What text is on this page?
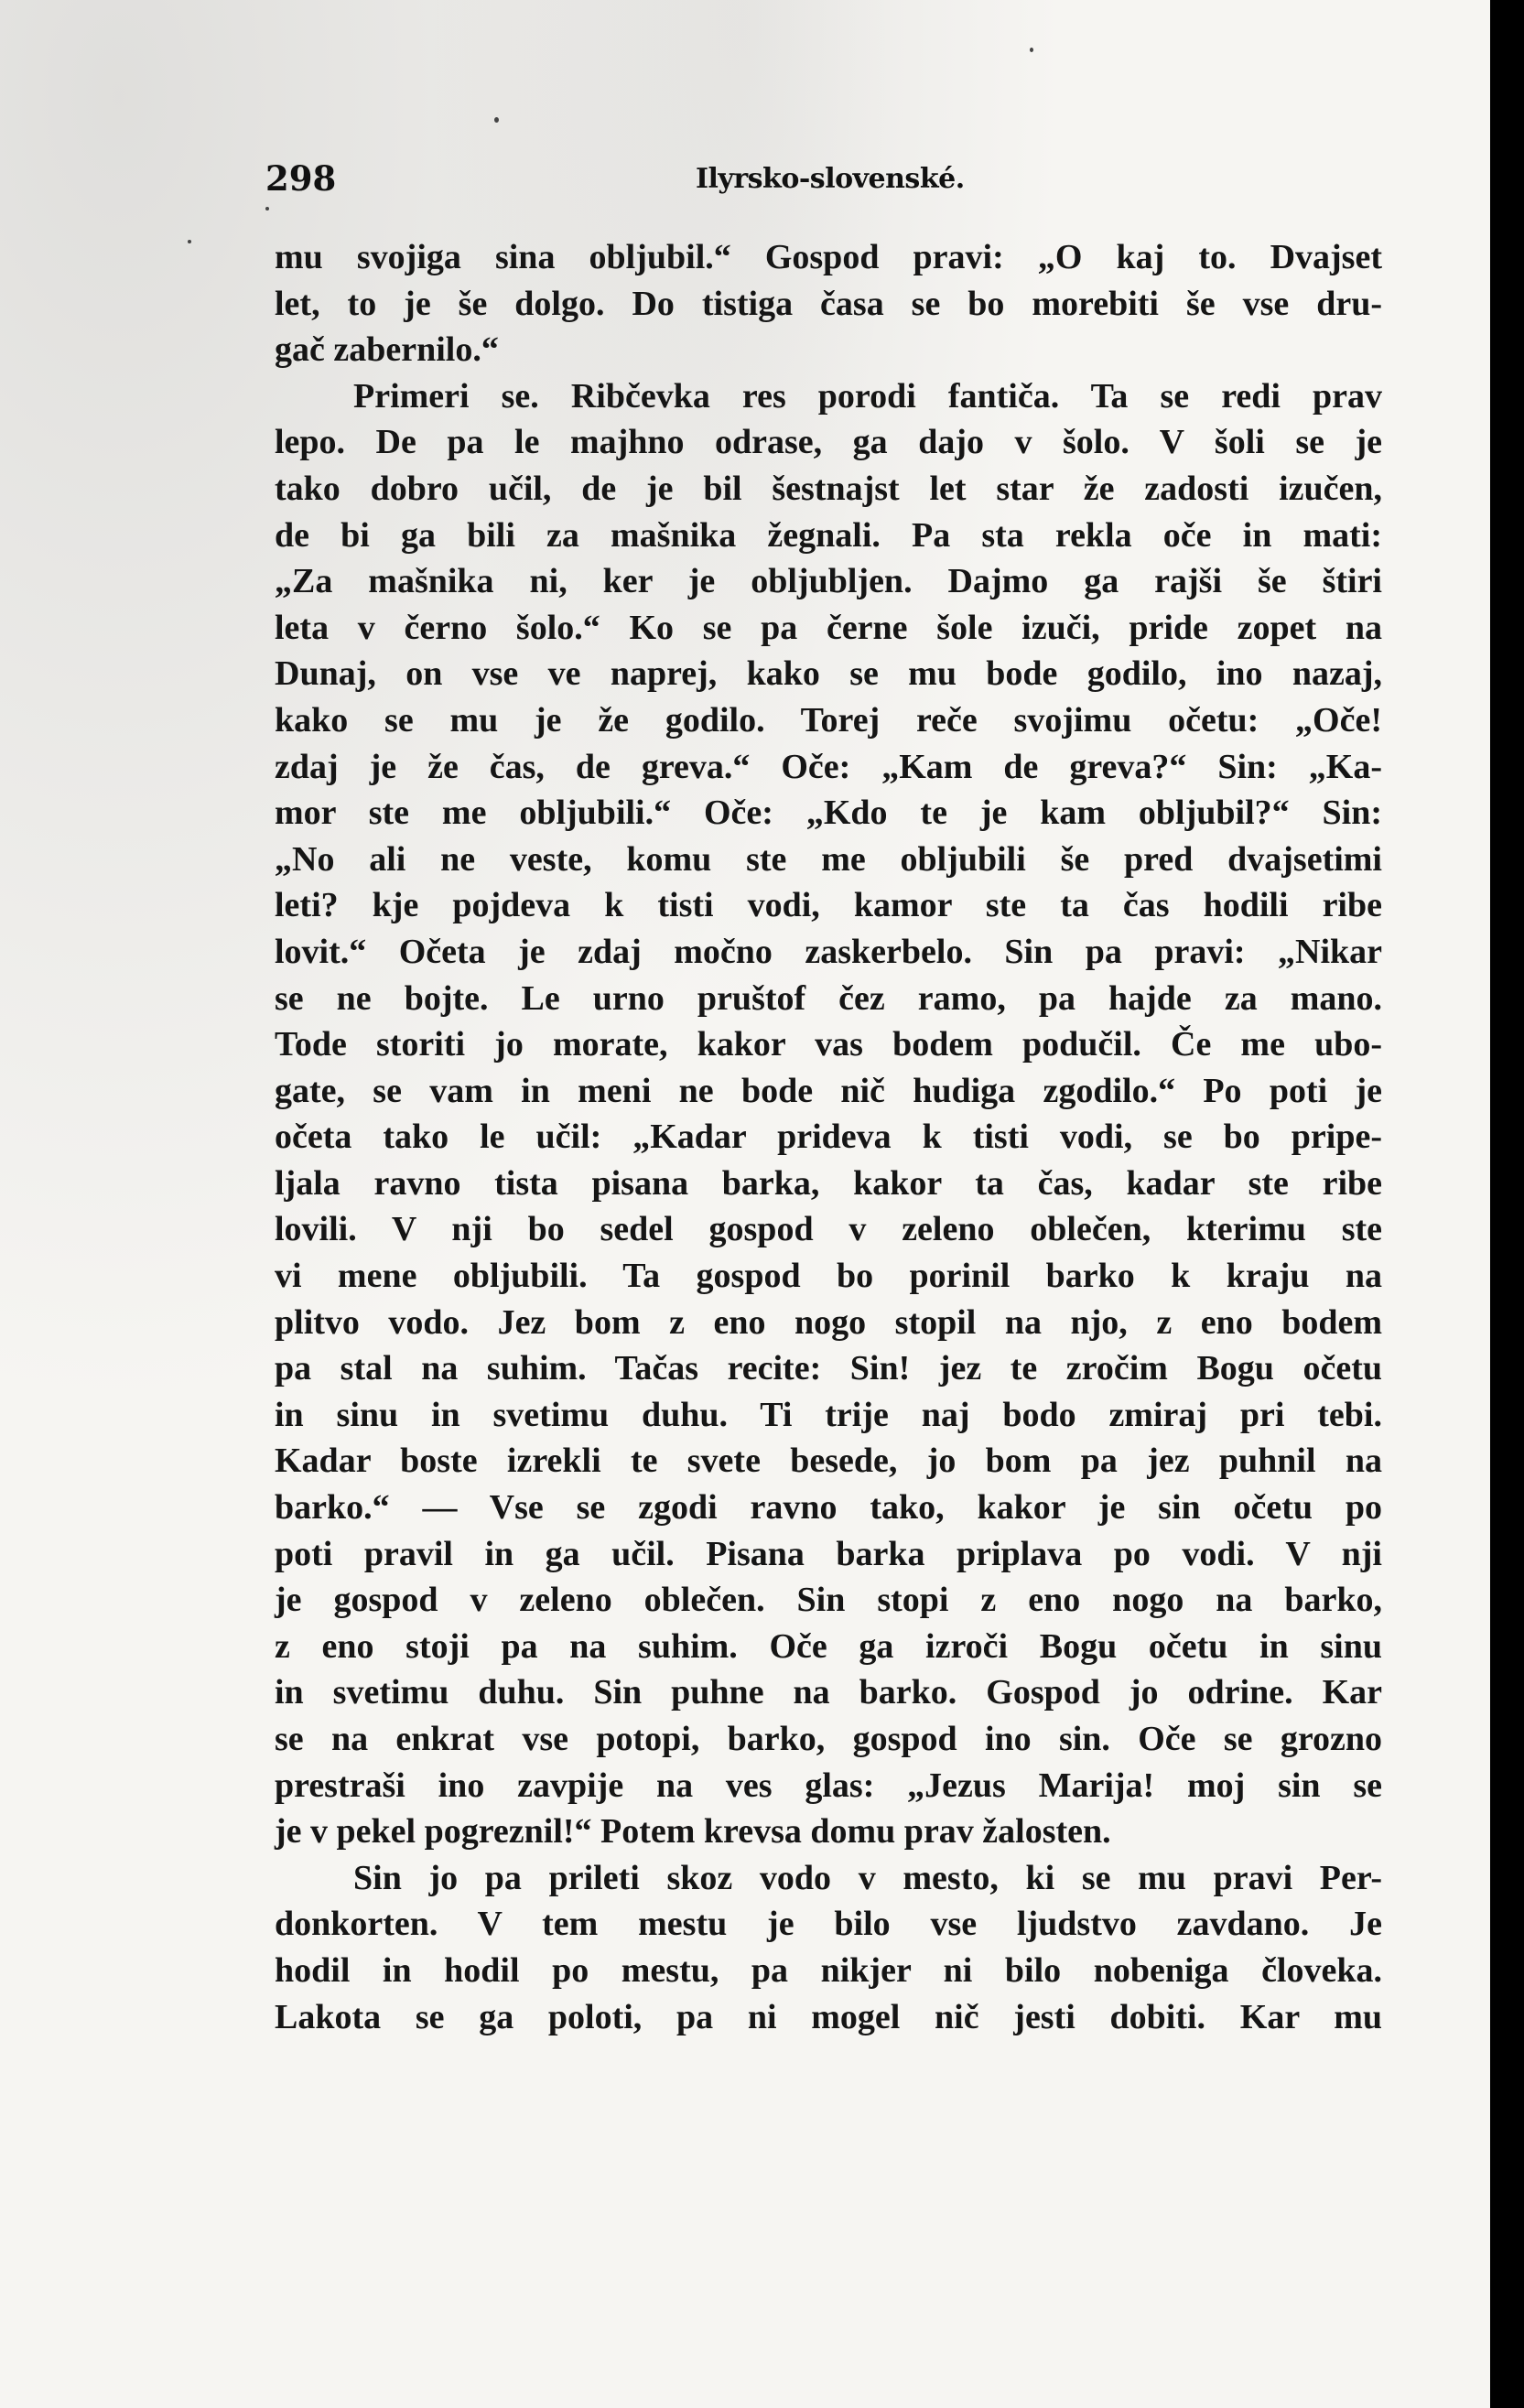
298	Ilyrsko-slovenské.
mu svojiga sina obljubil.“ Gospod pravi: „O kaj to. Dvajset
let, to je še dolgo. Do tistiga časa se bo morebiti še vse dru-
gač zabernilo.“
Primeri se. Ribčevka res porodi fantiča. Ta se redi prav
lepo. De pa le majhno odrase, ga dajo v šolo. V šoli se je
tako dobro učil, de je bil šestnajst let star že zadosti izučen,
de bi ga bili za mašnika žegnali. Pa sta rekla oče in mati:
„Za mašnika ni, ker je obljubljen. Dajmo ga rajši še štiri
leta v černo šolo.“ Ko se pa černe šole izuči, pride zopet na
Dunaj, on vse ve naprej, kako se mu bode godilo, ino nazaj,
kako se mu je že godilo. Torej reče svojimu očetu: „Oče!
zdaj je že čas, de greva.“ Oče: „Kam de greva?“ Sin: „Ka-
mor ste me obljubili.“ Oče: „Kdo te je kam obljubil?“ Sin:
„No ali ne veste, komu ste me obljubili še pred dvajsetimi
leti? kje pojdeva k tisti vodi, kamor ste ta čas hodili ribe
lovit.“ Očeta je zdaj močno zaskerbelo. Sin pa pravi: „Nikar
se ne bojte. Le urno pruštof čez ramo, pa hajde za mano.
Tode storiti jo morate, kakor vas bodem podučil. Če me ubo-
gate, se vam in meni ne bode nič hudiga zgodilo.“ Po poti je
očeta tako le učil: „Kadar prideva k tisti vodi, se bo pripe-
ljala ravno tista pisana barka, kakor ta čas, kadar ste ribe
lovili. V nji bo sedel gospod v zeleno oblečen, kterimu ste
vi mene obljubili. Ta gospod bo porinil barko k kraju na
plitvo vodo. Jez bom z eno nogo stopil na njo, z eno bodem
pa stal na suhim. Tačas recite: Sin! jez te zročim Bogu očetu
in sinu in svetimu duhu. Ti trije naj bodo zmiraj pri tebi.
Kadar boste izrekli te svete besede, jo bom pa jez puhnil na
barko.“ — Vse se zgodi ravno tako, kakor je sin očetu po
poti pravil in ga učil. Pisana barka priplava po vodi. V nji
je gospod v zeleno oblečen. Sin stopi z eno nogo na barko,
z eno stoji pa na suhim. Oče ga izroči Bogu očetu in sinu
in svetimu duhu. Sin puhne na barko. Gospod jo odrine. Kar
se na enkrat vse potopi, barko, gospod ino sin. Oče se grozno
prestraši ino zavpije na ves glas: „Jezus Marija! moj sin se
je v pekel pogreznil!“ Potem krevsa domu prav žalosten.
Sin jo pa prileti skoz vodo v mesto, ki se mu pravi Per-
donkorten. V tem mestu je bilo vse ljudstvo zavdano. Je
hodil in hodil po mestu, pa nikjer ni bilo nobeniga človeka.
Lakota se ga poloti, pa ni mogel nič jesti dobiti. Kar mu
